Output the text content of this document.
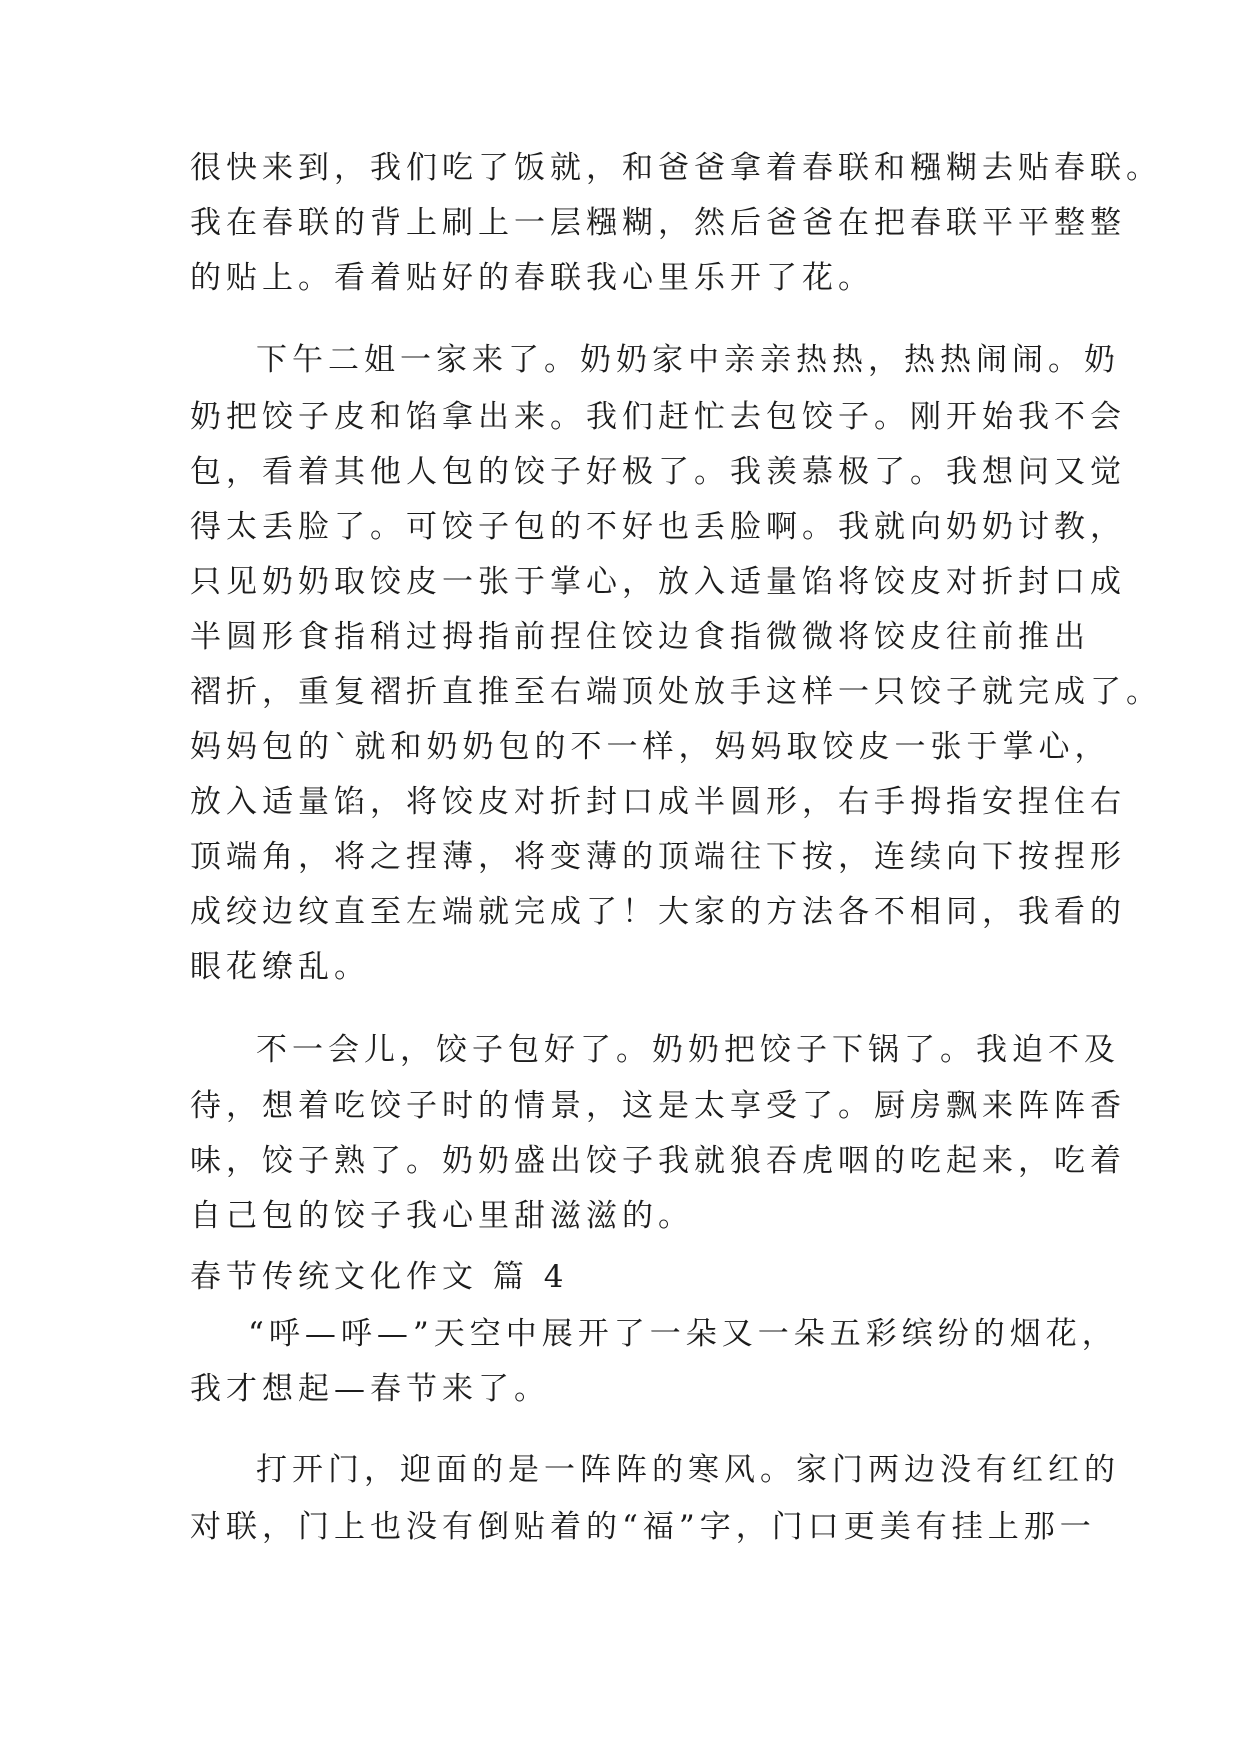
很快来到，我们吃了饭就，和爸爸拿着春联和糨糊去贴春联。
我在春联的背上刷上一层糨糊，然后爸爸在把春联平平整整
的贴上。看着贴好的春联我心里乐开了花。
下午二姐一家来了。奶奶家中亲亲热热，热热闹闹。奶
奶把饺子皮和馅拿出来。我们赶忙去包饺子。刚开始我不会
包，看着其他人包的饺子好极了。我羡慕极了。我想问又觉
得太丢脸了。可饺子包的不好也丢脸啊。我就向奶奶讨教，
只见奶奶取饺皮一张于掌心，放入适量馅将饺皮对折封口成
半圆形食指稍过拇指前捏住饺边食指微微将饺皮往前推出
褶折，重复褶折直推至右端顶处放手这样一只饺子就完成了。
妈妈包的`就和奶奶包的不一样，妈妈取饺皮一张于掌心，
放入适量馅，将饺皮对折封口成半圆形，右手拇指安捏住右
顶端角，将之捏薄，将变薄的顶端往下按，连续向下按捏形
成绞边纹直至左端就完成了！大家的方法各不相同，我看的
眼花缭乱。
不一会儿，饺子包好了。奶奶把饺子下锅了。我迫不及
待，想着吃饺子时的情景，这是太享受了。厨房飘来阵阵香
味，饺子熟了。奶奶盛出饺子我就狼吞虎咽的吃起来，吃着
自己包的饺子我心里甜滋滋的。
春节传统文化作文 篇 4
“呼—呼—”天空中展开了一朵又一朵五彩缤纷的烟花，
我才想起—春节来了。
打开门，迎面的是一阵阵的寒风。家门两边没有红红的
对联，门上也没有倒贴着的“福”字，门口更美有挂上那一
